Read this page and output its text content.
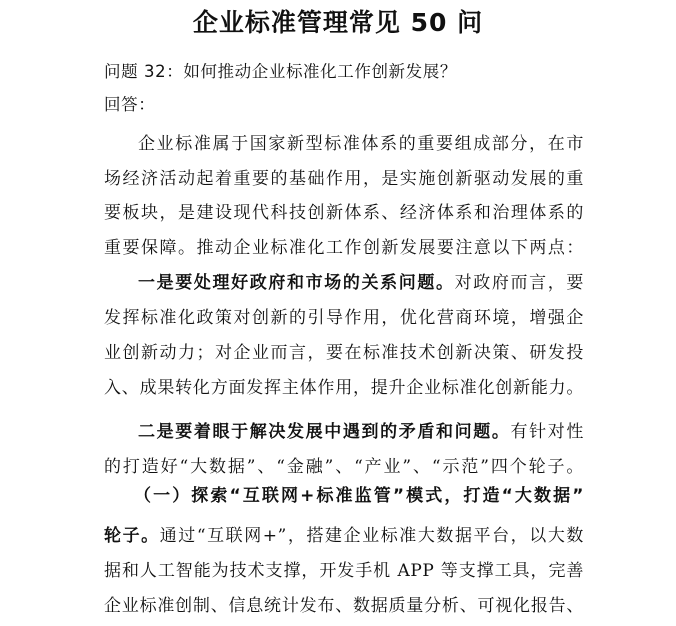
企业标准管理常见 50 问
问题 32：如何推动企业标准化工作创新发展？
回答：
企业标准属于国家新型标准体系的重要组成部分，在市
场经济活动起着重要的基础作用，是实施创新驱动发展的重
要板块，是建设现代科技创新体系、经济体系和治理体系的
重要保障。推动企业标准化工作创新发展要注意以下两点：
一是要处理好政府和市场的关系问题。对政府而言，要
发挥标准化政策对创新的引导作用，优化营商环境，增强企
业创新动力；对企业而言，要在标准技术创新决策、研发投
入、成果转化方面发挥主体作用，提升企业标准化创新能力。
二是要着眼于解决发展中遇到的矛盾和问题。有针对性
的打造好“大数据”、“金融”、“产业”、“示范”四个轮子。
（一）探索“互联网+标准监管”模式，打造“大数据”
轮子。通过“互联网+”，搭建企业标准大数据平台，以大数
据和人工智能为技术支撑，开发手机 APP 等支撑工具，完善
企业标准创制、信息统计发布、数据质量分析、可视化报告、
